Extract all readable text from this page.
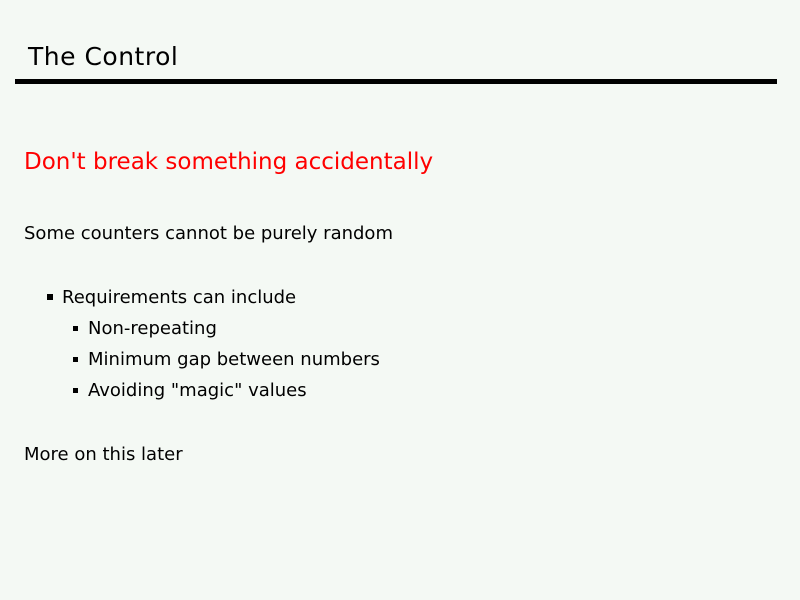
The Control
Don't break something accidentally
Some counters cannot be purely random
Requirements can include
Non-repeating
Minimum gap between numbers
Avoiding "magic" values
More on this later
